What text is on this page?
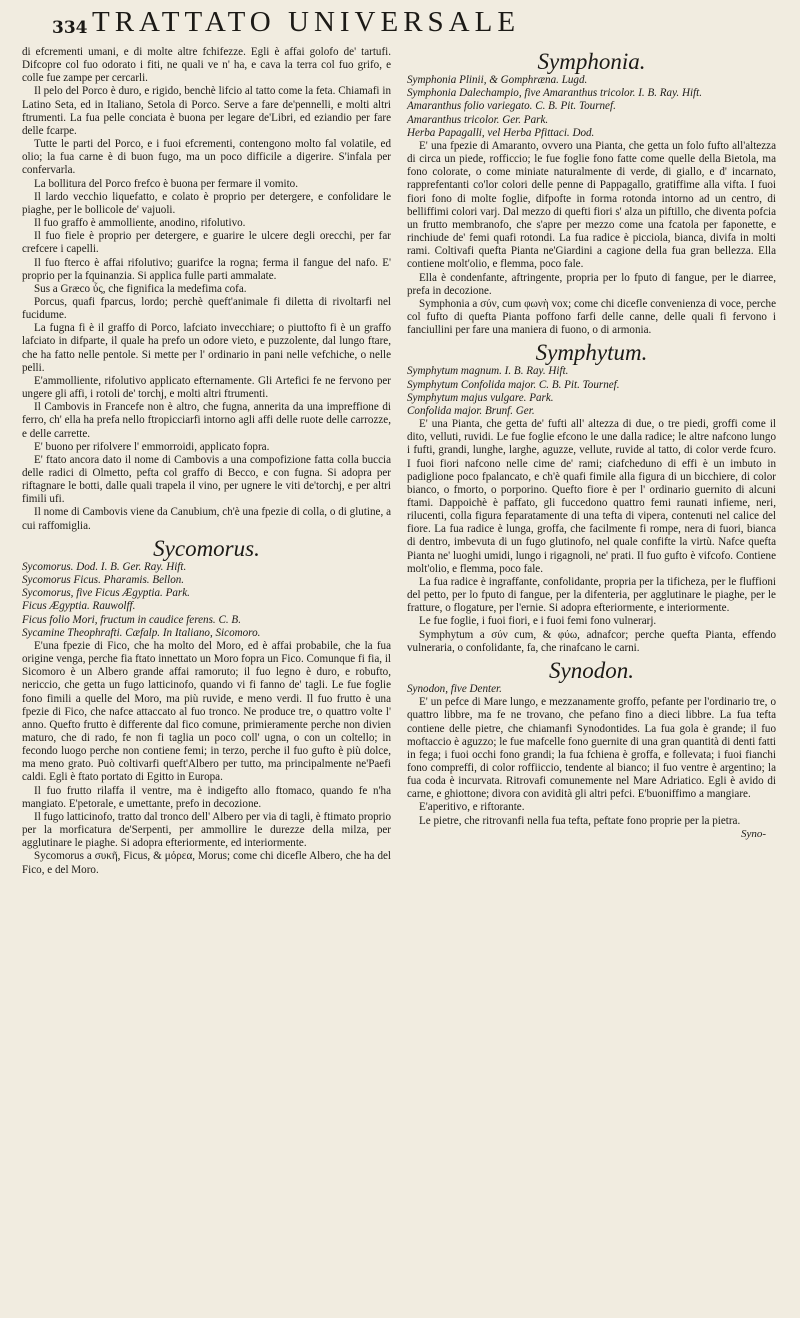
334 TRATTATO UNIVERSALE

di efcrementi umani, e di molte altre fchifezze. Egli è affai golofo de' tartufi. Difcopre col fuo odorato i fiti, ne quali ve n' ha, e cava la terra col fuo grifo, e colle fue zampe per cercarli.

Il pelo del Porco è duro, e rigido, benchè lifcio al tatto come la feta. Chiamafi in Latino Seta, ed in Italiano, Setola di Porco. Serve a fare de'pennelli, e molti altri ftrumenti. La fua pelle conciata è buona per legare de'Libri, ed eziandio per fare delle fcarpe.

Tutte le parti del Porco, e i fuoi efcrementi, contengono molto fal volatile, ed olio; la fua carne è di buon fugo, ma un poco difficile a digerire. S'infala per confervarla.

La bollitura del Porco frefco è buona per fermare il vomito.

Il lardo vecchio liquefatto, e colato è proprio per detergere, e confolidare le piaghe, per le bollicole de' vajuoli.

Il fuo graffo è ammolliente, anodino, rifolutivo.

Il fuo fiele è proprio per detergere, e guarire le ulcere degli orecchi, per far crefcere i capelli.

Il fuo fterco è affai rifolutivo; guarifce la rogna; ferma il fangue del nafo. E' proprio per la fquinanzia. Si applica fulle parti ammalate.

Sus a Græco ὗς, che fignifica la medefima cofa.

Porcus, quafi fparcus, lordo; perchè queft'animale fi diletta di rivoltarfi nel fucidume.

La fugna fi è il graffo di Porco, lafciato invecchiare; o piuttofto fi è un graffo lafciato in difparte, il quale ha prefo un odore vieto, e puzzolente, dal lungo ftare, che ha fatto nelle pentole. Si mette per l' ordinario in pani nelle vefchiche, o nelle pelli.

E'ammolliente, rifolutivo applicato efternamente. Gli Artefici fe ne fervono per ungere gli affi, i rotoli de' torchj, e molti altri ftrumenti.

Il Cambovis in Francefe non è altro, che fugna, annerita da una impreffione di ferro, ch' ella ha prefa nello ftropicciarfi intorno agli affi delle ruote delle carrozze, e delle carrette.

E' buono per rifolvere l' emmorroidi, applicato fopra.

E' ftato ancora dato il nome di Cambovis a una compofizione fatta colla buccia delle radici di Olmetto, pefta col graffo di Becco, e con fugna. Si adopra per riftagnare le botti, dalle quali trapela il vino, per ugnere le viti de'torchj, e per altri fimili ufi.

Il nome di Cambovis viene da Canubium, ch'è una fpezie di colla, o di glutine, a cui raffomiglia.

Sycomorus.

Sycomorus. Dod. I. B. Ger. Ray. Hift.
Sycomorus Ficus. Pharamis. Bellon.
Sycomorus, five Ficus Ægyptia. Park.
Ficus Ægyptia. Rauwolff.
Ficus folio Mori, fructum in caudice ferens. C. B.
Sycamine Theophrafti. Cæfalp. In Italiano, Sicomoro.

E'una fpezie di Fico, che ha molto del Moro, ed è affai probabile, che la fua origine venga, perche fia ftato innettato un Moro fopra un Fico. Comunque fi fia, il Sicomoro è un Albero grande affai ramoruto; il fuo legno è duro, e robufto, nericcio, che getta un fugo latticinofo, quando vi fi fanno de' tagli. Le fue foglie fono fimili a quelle del Moro, ma più ruvide, e meno verdi. Il fuo frutto è una fpezie di Fico, che nafce attaccato al fuo tronco. Ne produce tre, o quattro volte l' anno. Quefto frutto è differente dal fico comune, primieramente perche non divien maturo, che di rado, fe non fi taglia un poco coll' ugna, o con un coltello; in fecondo luogo perche non contiene femi; in terzo, perche il fuo gufto è più dolce, ma meno grato. Può coltivarfi queft'Albero per tutto, ma principalmente ne'Paefi caldi. Egli è ftato portato di Egitto in Europa.

Il fuo frutto rilaffa il ventre, ma è indigefto allo ftomaco, quando fe n'ha mangiato. E'petorale, e umettante, prefo in decozione.

Il fugo latticinofo, tratto dal tronco dell' Albero per via di tagli, è ftimato proprio per la morficatura de'Serpenti, per ammollire le durezze della milza, per agglutinare le piaghe. Si adopra efteriormente, ed interiormente.

Sycomorus a συκῆ, Ficus, & μόρεα, Morus; come chi dicefle Albero, che ha del Fico, e del Moro.

Symphonia.

Symphonia Plinii, & Gomphræna. Lugd.
Symphonia Dalechampio, five Amaranthus tricolor. I. B. Ray. Hift.
Amaranthus folio variegato. C. B. Pit. Tournef.
Amaranthus tricolor. Ger. Park.
Herba Papagalli, vel Herba Pfittaci. Dod.

E' una fpezie di Amaranto, ovvero una Pianta, che getta un folo fufto all'altezza di circa un piede, rofficcio; le fue foglie fono fatte come quelle della Bietola, ma fono colorate, o come miniate naturalmente di verde, di giallo, e d' incarnato, rapprefentanti co'lor colori delle penne di Pappagallo, gratiffime alla vifta. I fuoi fiori fono di molte foglie, difpofte in forma rotonda intorno ad un centro, di belliffimi colori varj. Dal mezzo di quefti fiori s' alza un piftillo, che diventa pofcia un frutto membranofo, che s'apre per mezzo come una fcatola per faponette, e rinchiude de' femi quafi rotondi. La fua radice è picciola, bianca, divifa in molti rami. Coltivafi quefta Pianta ne'Giardini a cagione della fua gran bellezza. Ella contiene molt'olio, e flemma, poco fale.

Ella è condenfante, aftringente, propria per lo fputo di fangue, per le diarree, prefa in decozione.

Symphonia a σύν, cum φωνὴ vox; come chi dicefle convenienza di voce, perche col fufto di quefta Pianta poffono farfi delle canne, delle quali fi fervono i fanciullini per fare una maniera di fuono, o di armonia.

Symphytum.

Symphytum magnum. I. B. Ray. Hift.
Symphytum Confolida major. C. B. Pit. Tournef.
Symphytum majus vulgare. Park.
Confolida major. Brunf. Ger.

E' una Pianta, che getta de' fufti all' altezza di due, o tre piedi, groffi come il dito, velluti, ruvidi. Le fue foglie efcono le une dalla radice; le altre nafcono lungo i fufti, grandi, lunghe, larghe, aguzze, vellute, ruvide al tatto, di color verde fcuro. I fuoi fiori nafcono nelle cime de' rami; ciafcheduno di effi è un imbuto in padiglione poco fpalancato, e ch'è quafi fimile alla figura di un bicchiere, di color bianco, o fmorto, o porporino. Quefto fiore è per l' ordinario guernito di alcuni ftami. Dappoichè è paffato, gli fuccedono quattro femi raunati infieme, neri, rilucenti, colla figura feparatamente di una tefta di vipera, contenuti nel calice del fiore. La fua radice è lunga, groffa, che facilmente fi rompe, nera di fuori, bianca di dentro, imbevuta di un fugo glutinofo, nel quale confifte la virtù. Nafce quefta Pianta ne' luoghi umidi, lungo i rigagnoli, ne' prati. Il fuo gufto è vifcofo. Contiene molt'olio, e flemma, poco fale.

La fua radice è ingraffante, confolidante, propria per la tificheza, per le fluffioni del petto, per lo fputo di fangue, per la difenteria, per agglutinare le piaghe, per le fratture, o flogature, per l'ernie. Si adopra efteriormente, e interiormente.

Le fue foglie, i fuoi fiori, e i fuoi femi fono vulnerarj.

Symphytum a σύν cum, & φύω, adnafcor; perche quefta Pianta, effendo vulneraria, o confolidante, fa, che rinafcano le carni.

Synodon.

Synodon, five Denter.

E' un pefce di Mare lungo, e mezzanamente groffo, pefante per l'ordinario tre, o quattro libbre, ma fe ne trovano, che pefano fino a dieci libbre. La fua tefta contiene delle pietre, che chiamanfi Synodontides. La fua gola è grande; il fuo moftaccio è aguzzo; le fue mafcelle fono guernite di una gran quantità di denti fatti in fega; i fuoi occhi fono grandi; la fua fchiena è groffa, e follevata; i fuoi fianchi fono compreffi, di color roffiiccio, tendente al bianco; il fuo ventre è argentino; la fua coda è incurvata. Ritrovafi comunemente nel Mare Adriatico. Egli è avido di carne, e ghiottone; divora con avidità gli altri pefci. E'buoniffimo a mangiare.

E'aperitivo, e riftorante.

Le pietre, che ritrovanfi nella fua tefta, peftate fono proprie per la pietra.

Syno-
